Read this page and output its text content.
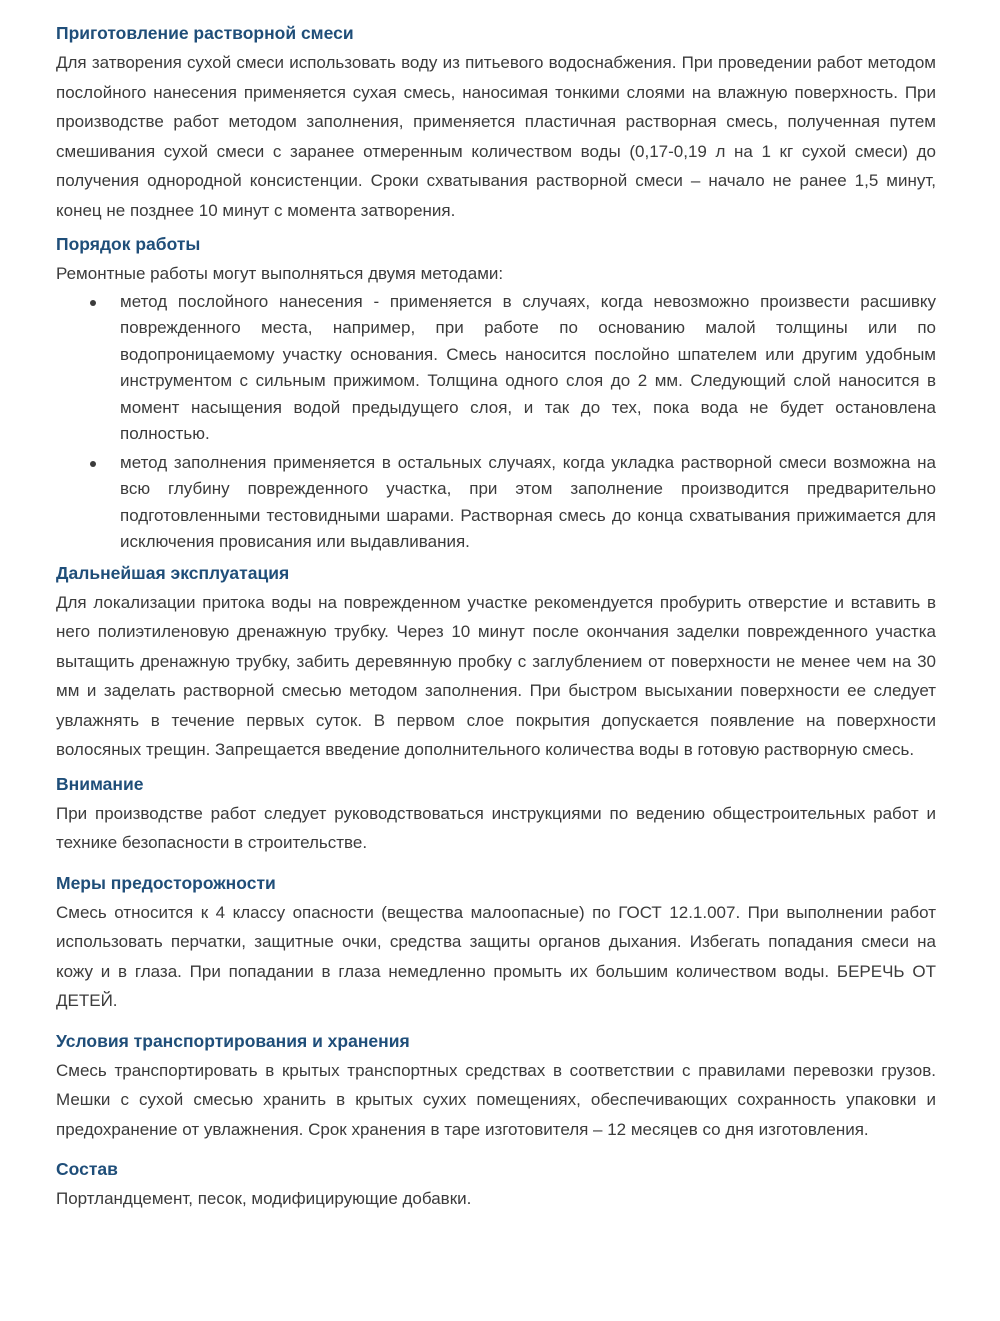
Приготовление растворной смеси

Для затворения сухой смеси использовать воду из питьевого водоснабжения. При проведении работ методом послойного нанесения применяется сухая смесь, наносимая тонкими слоями на влажную поверхность. При производстве работ методом заполнения, применяется пластичная растворная смесь, полученная путем смешивания сухой смеси с заранее отмеренным количеством воды (0,17-0,19 л на 1 кг сухой смеси) до получения однородной консистенции. Сроки схватывания растворной смеси – начало не ранее 1,5 минут, конец не позднее 10 минут с момента затворения.

Порядок работы

Ремонтные работы могут выполняться двумя методами:

метод послойного нанесения - применяется в случаях, когда невозможно произвести расшивку поврежденного места, например, при работе по основанию малой толщины или по водопроницаемому участку основания. Смесь наносится послойно шпателем или другим удобным инструментом с сильным прижимом. Толщина одного слоя до 2 мм. Следующий слой наносится в момент насыщения водой предыдущего слоя, и так до тех, пока вода не будет остановлена полностью.
метод заполнения применяется в остальных случаях, когда укладка растворной смеси возможна на всю глубину поврежденного участка, при этом заполнение производится предварительно подготовленными тестовидными шарами. Растворная смесь до конца схватывания прижимается для исключения провисания или выдавливания.
Дальнейшая эксплуатация

Для локализации притока воды на поврежденном участке рекомендуется пробурить отверстие и вставить в него полиэтиленовую дренажную трубку. Через 10 минут после окончания заделки поврежденного участка вытащить дренажную трубку, забить деревянную пробку с заглублением от поверхности не менее чем на 30 мм и заделать растворной смесью методом заполнения. При быстром высыхании поверхности ее следует увлажнять в течение первых суток. В первом слое покрытия допускается появление на поверхности волосяных трещин. Запрещается введение дополнительного количества воды в готовую растворную смесь.

Внимание

При производстве работ следует руководствоваться инструкциями по ведению общестроительных работ и технике безопасности в строительстве.

Меры предосторожности

Смесь относится к 4 классу опасности (вещества малоопасные) по ГОСТ 12.1.007. При выполнении работ использовать перчатки, защитные очки, средства защиты органов дыхания. Избегать попадания смеси на кожу и в глаза. При попадании в глаза немедленно промыть их большим количеством воды. БЕРЕЧЬ ОТ ДЕТЕЙ.

Условия транспортирования и хранения

Смесь транспортировать в крытых транспортных средствах в соответствии с правилами перевозки грузов. Мешки с сухой смесью хранить в крытых сухих помещениях, обеспечивающих сохранность упаковки и предохранение от увлажнения. Срок хранения в таре изготовителя – 12 месяцев со дня изготовления.

Состав

Портландцемент, песок, модифицирующие добавки.
